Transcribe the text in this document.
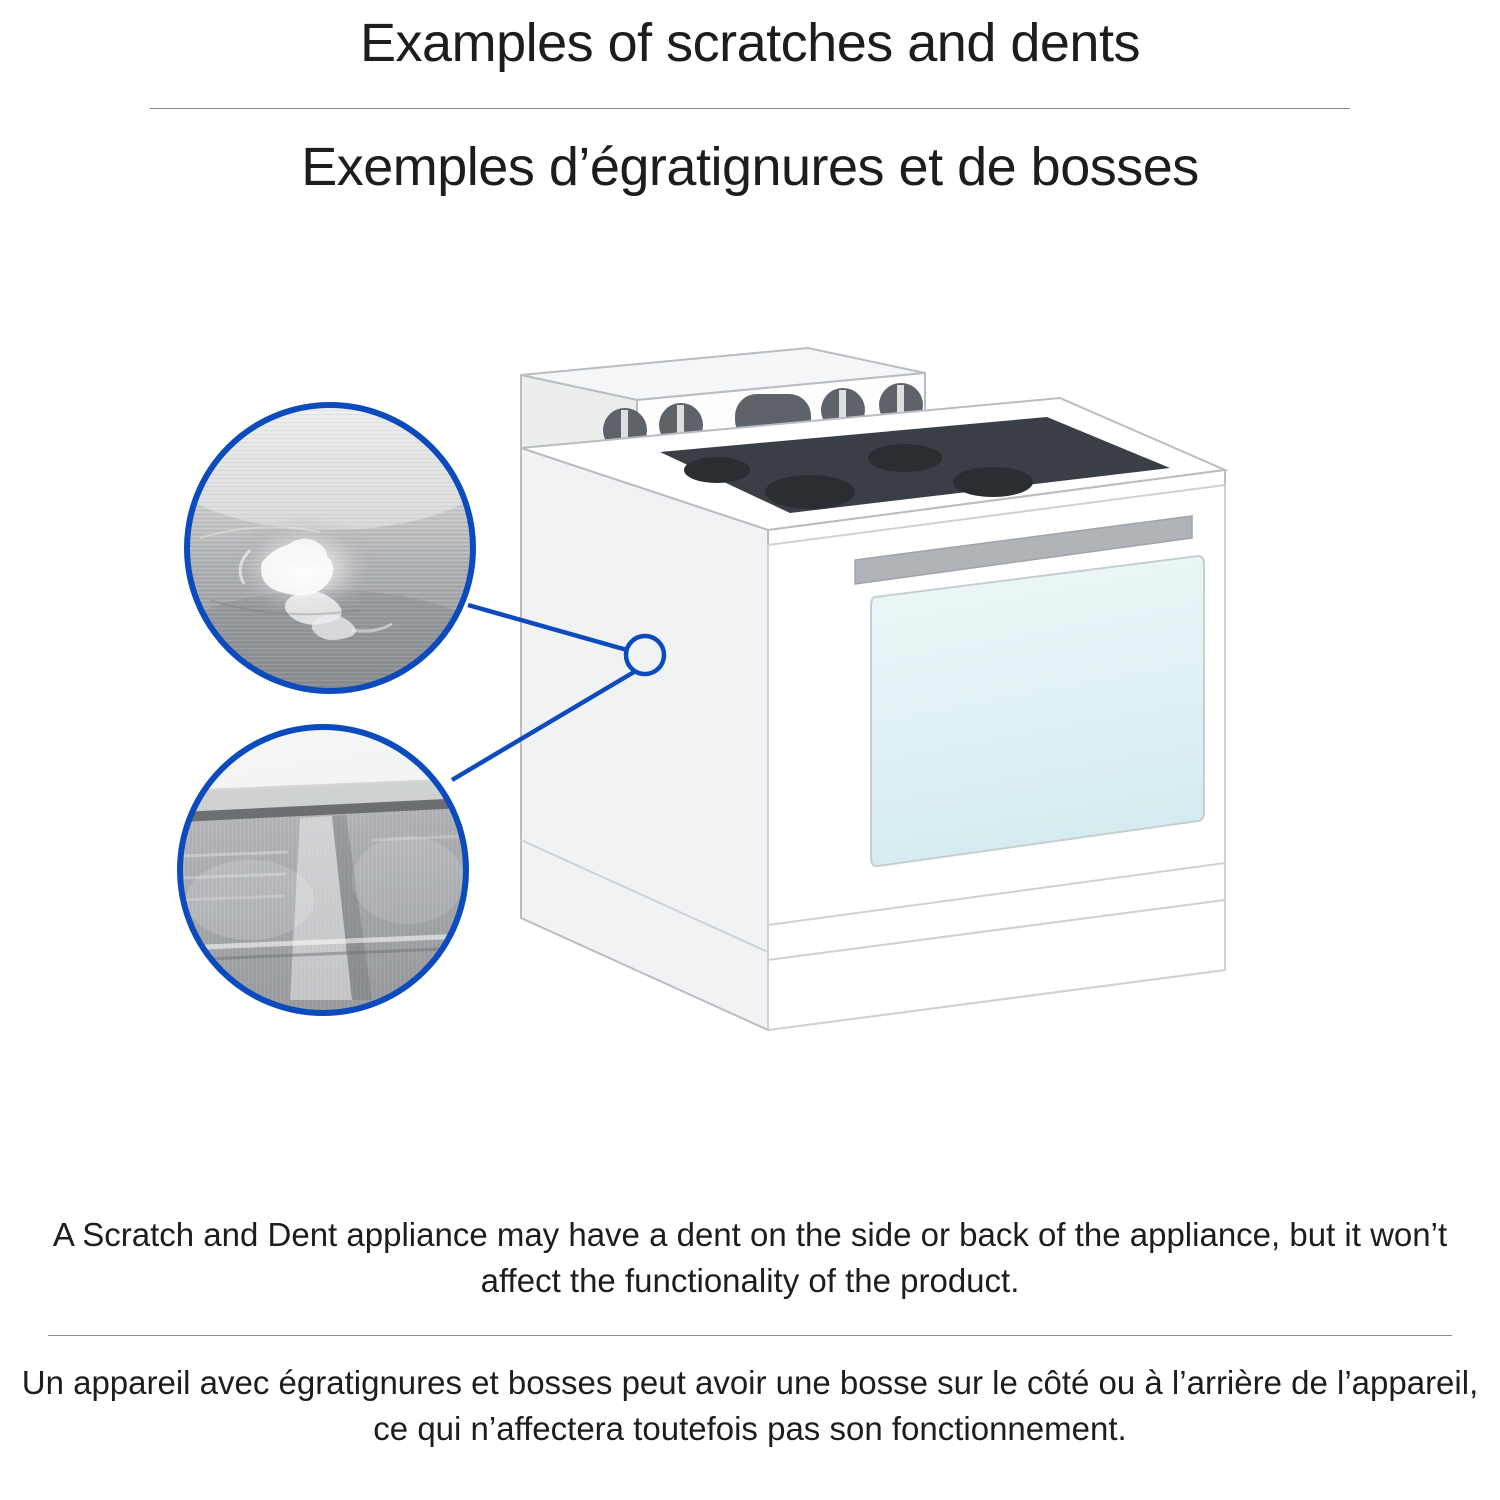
Examples of scratches and dents
Exemples d’égratignures et de bosses
A Scratch and Dent appliance may have a dent on the side or back of the appliance, but it won’t affect the functionality of the product.
Un appareil avec égratignures et bosses peut avoir une bosse sur le côté ou à l’arrière de l’appareil, ce qui n’affectera toutefois pas son fonctionnement.
